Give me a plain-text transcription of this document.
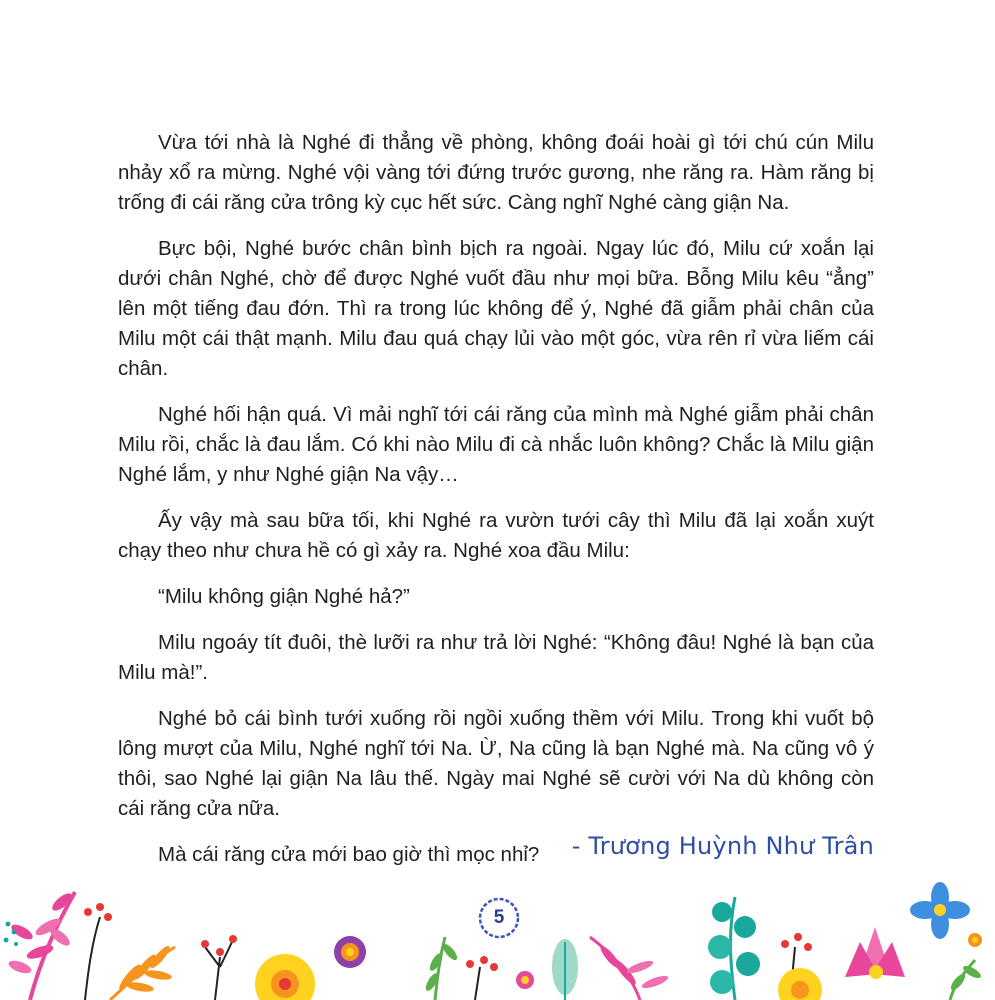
Vừa tới nhà là Nghé đi thẳng về phòng, không đoái hoài gì tới chú cún Milu nhảy xổ ra mừng. Nghé vội vàng tới đứng trước gương, nhe răng ra. Hàm răng bị trống đi cái răng cửa trông kỳ cục hết sức. Càng nghĩ Nghé càng giận Na.

Bực bội, Nghé bước chân bình bịch ra ngoài. Ngay lúc đó, Milu cứ xoắn lại dưới chân Nghé, chờ để được Nghé vuốt đầu như mọi bữa. Bỗng Milu kêu “ẳng” lên một tiếng đau đớn. Thì ra trong lúc không để ý, Nghé đã giẫm phải chân của Milu một cái thật mạnh. Milu đau quá chạy lủi vào một góc, vừa rên rỉ vừa liếm cái chân.

Nghé hối hận quá. Vì mải nghĩ tới cái răng của mình mà Nghé giẫm phải chân Milu rồi, chắc là đau lắm. Có khi nào Milu đi cà nhắc luôn không? Chắc là Milu giận Nghé lắm, y như Nghé giận Na vậy…

Ấy vậy mà sau bữa tối, khi Nghé ra vườn tưới cây thì Milu đã lại xoắn xuýt chạy theo như chưa hề có gì xảy ra. Nghé xoa đầu Milu:

“Milu không giận Nghé hả?”

Milu ngoáy tít đuôi, thè lưỡi ra như trả lời Nghé: “Không đâu! Nghé là bạn của Milu mà!”.

Nghé bỏ cái bình tưới xuống rồi ngồi xuống thềm với Milu. Trong khi vuốt bộ lông mượt của Milu, Nghé nghĩ tới Na. Ừ, Na cũng là bạn Nghé mà. Na cũng vô ý thôi, sao Nghé lại giận Na lâu thế. Ngày mai Nghé sẽ cười với Na dù không còn cái răng cửa nữa.

Mà cái răng cửa mới bao giờ thì mọc nhỉ?	- Trương Huỳnh Như Trân
5
